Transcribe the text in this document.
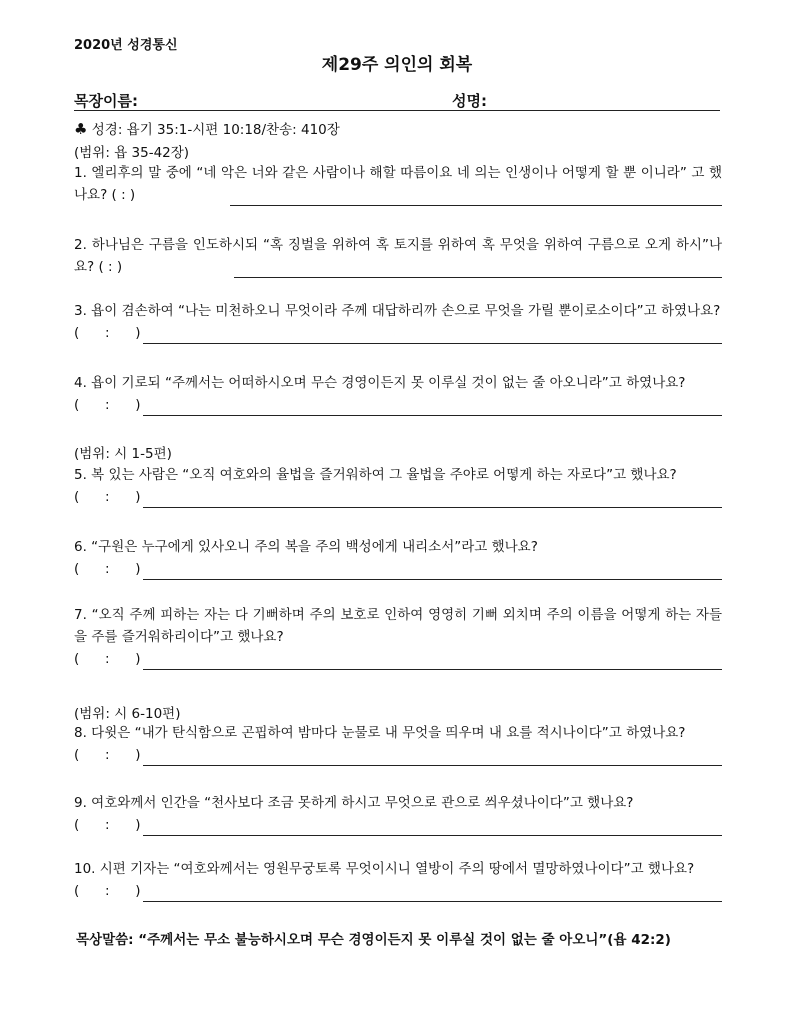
2020년 성경통신
제29주 의인의 회복
목장이름:	성명:
♣ 성경: 욥기 35:1-시편 10:18/찬송: 410장
(범위: 욥 35-42장)
1. 엘리후의 말 중에 “네 악은 너와 같은 사람이나 해할 따름이요 네 의는 인생이나 어떻게 할 뿐 이니라” 고 했나요? ( : )
2. 하나님은 구름을 인도하시되 “혹 징벌을 위하여 혹 토지를 위하여 혹 무엇을 위하여 구름으로 오게 하시”나요? ( : )
3. 욥이 겸손하여 “나는 미천하오니 무엇이라 주께 대답하리까 손으로 무엇을 가릴 뿐이로소이다”고 하였나요?
(      :      )
4. 욥이 기로되 “주께서는 어떠하시오며 무슨 경영이든지 못 이루실 것이 없는 줄 아오니라”고 하였나요?
(      :      )
(범위: 시 1-5편)
5. 복 있는 사람은 “오직 여호와의 율법을 즐거워하여 그 율법을 주야로 어떻게 하는 자로다”고 했나요?
(      :      )
6. “구원은 누구에게 있사오니 주의 복을 주의 백성에게 내리소서”라고 했나요?
(      :      )
7. “오직 주께 피하는 자는 다 기뻐하며 주의 보호로 인하여 영영히 기뻐 외치며 주의 이름을 어떻게 하는 자들을 주를 즐거워하리이다”고 했나요?
(      :      )
(범위: 시 6-10편)
8. 다윗은 “내가 탄식함으로 곤핍하여 밤마다 눈물로 내 무엇을 띄우며 내 요를 적시나이다”고 하였나요?
(      :      )
9. 여호와께서 인간을 “천사보다 조금 못하게 하시고 무엇으로 관으로 씌우셨나이다”고 했나요?
(      :      )
10. 시편 기자는 “여호와께서는 영원무궁토록 무엇이시니 열방이 주의 땅에서 멸망하였나이다”고 했나요?
(      :      )
목상말씀: “주께서는 무소 불능하시오며 무슨 경영이든지 못 이루실 것이 없는 줄 아오니”(욥 42:2)
